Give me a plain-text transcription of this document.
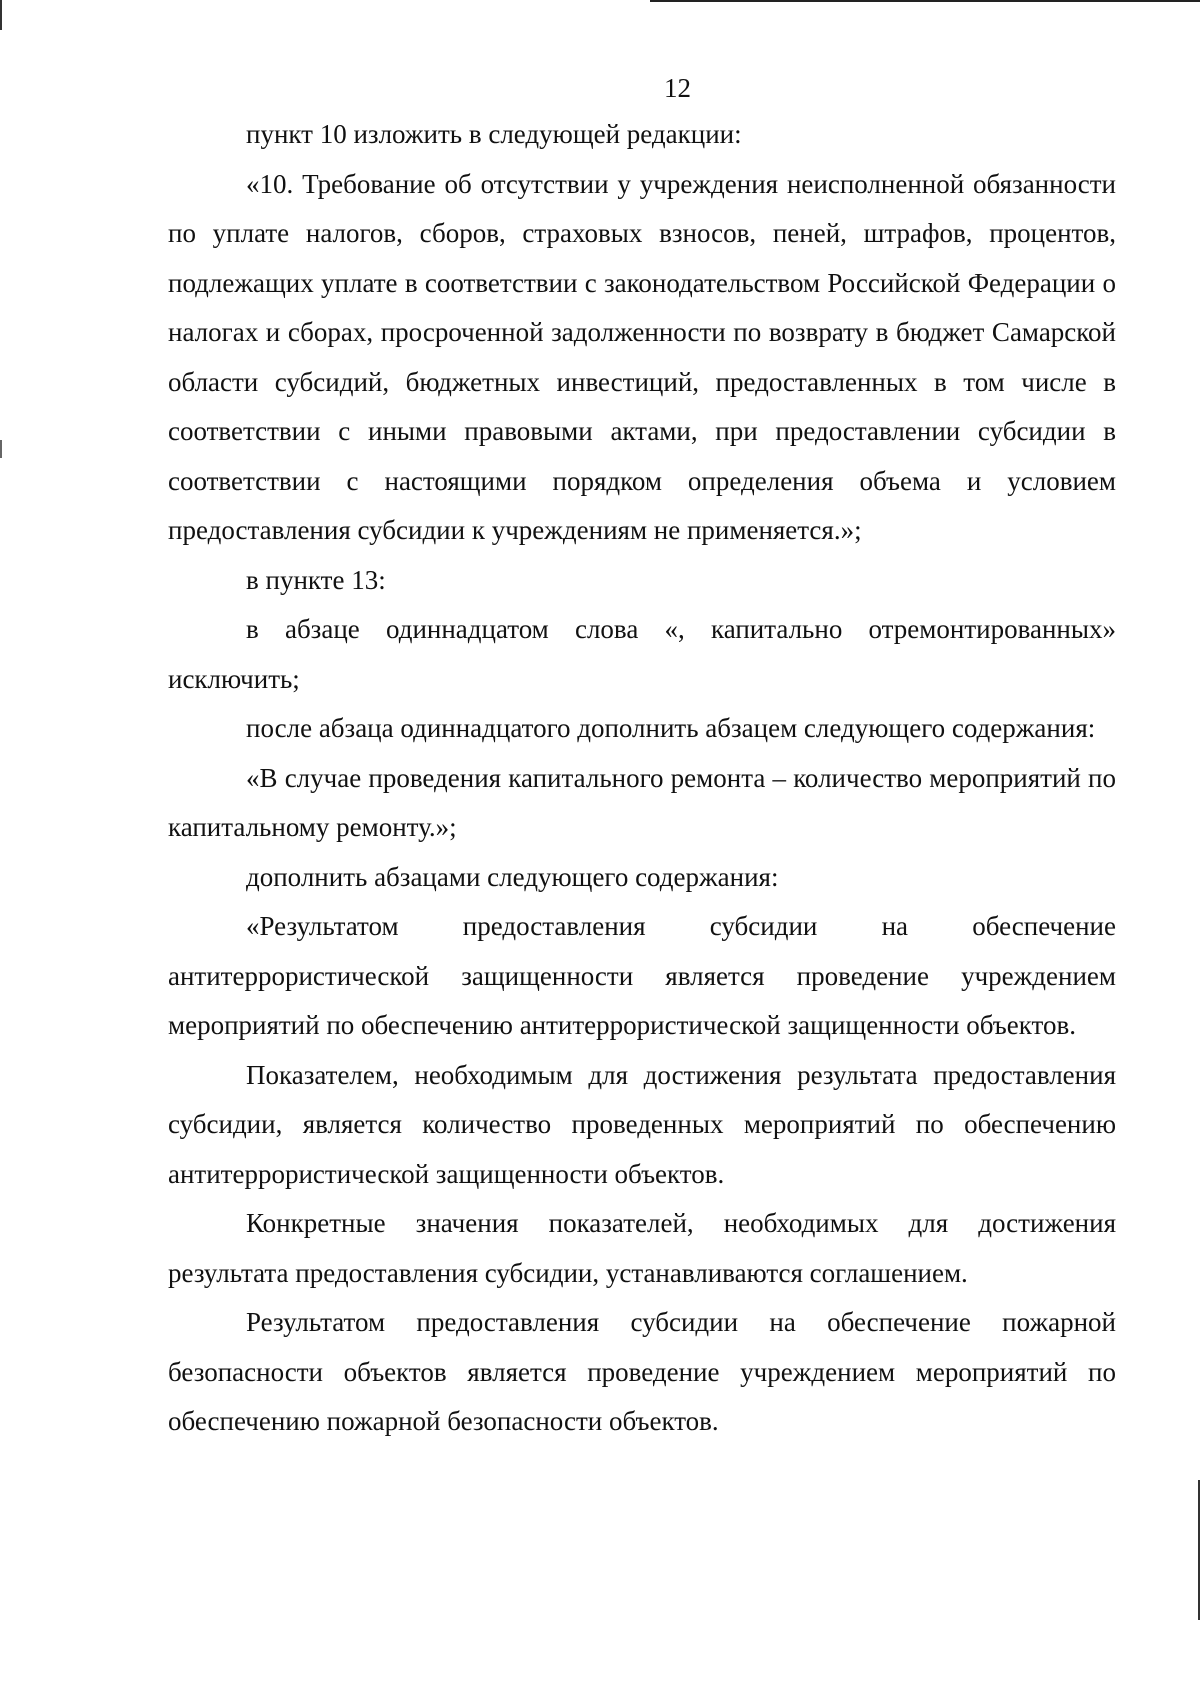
12

пункт 10 изложить в следующей редакции:

«10. Требование об отсутствии у учреждения неисполненной обязанности по уплате налогов, сборов, страховых взносов, пеней, штрафов, процентов, подлежащих уплате в соответствии с законодательством Российской Федерации о налогах и сборах, просроченной задолженности по возврату в бюджет Самарской области субсидий, бюджетных инвестиций, предоставленных в том числе в соответствии с иными правовыми актами, при предоставлении субсидии в соответствии с настоящими порядком определения объема и условием предоставления субсидии к учреждениям не применяется.»;

в пункте 13:

в абзаце одиннадцатом слова «, капитально отремонтированных» исключить;

после абзаца одиннадцатого дополнить абзацем следующего содержания:

«В случае проведения капитального ремонта – количество мероприятий по капитальному ремонту.»;

дополнить абзацами следующего содержания:

«Результатом предоставления субсидии на обеспечение антитеррористической защищенности является проведение учреждением мероприятий по обеспечению антитеррористической защищенности объектов.

Показателем, необходимым для достижения результата предоставления субсидии, является количество проведенных мероприятий по обеспечению антитеррористической защищенности объектов.

Конкретные значения показателей, необходимых для достижения результата предоставления субсидии, устанавливаются соглашением.

Результатом предоставления субсидии на обеспечение пожарной безопасности объектов является проведение учреждением мероприятий по обеспечению пожарной безопасности объектов.
